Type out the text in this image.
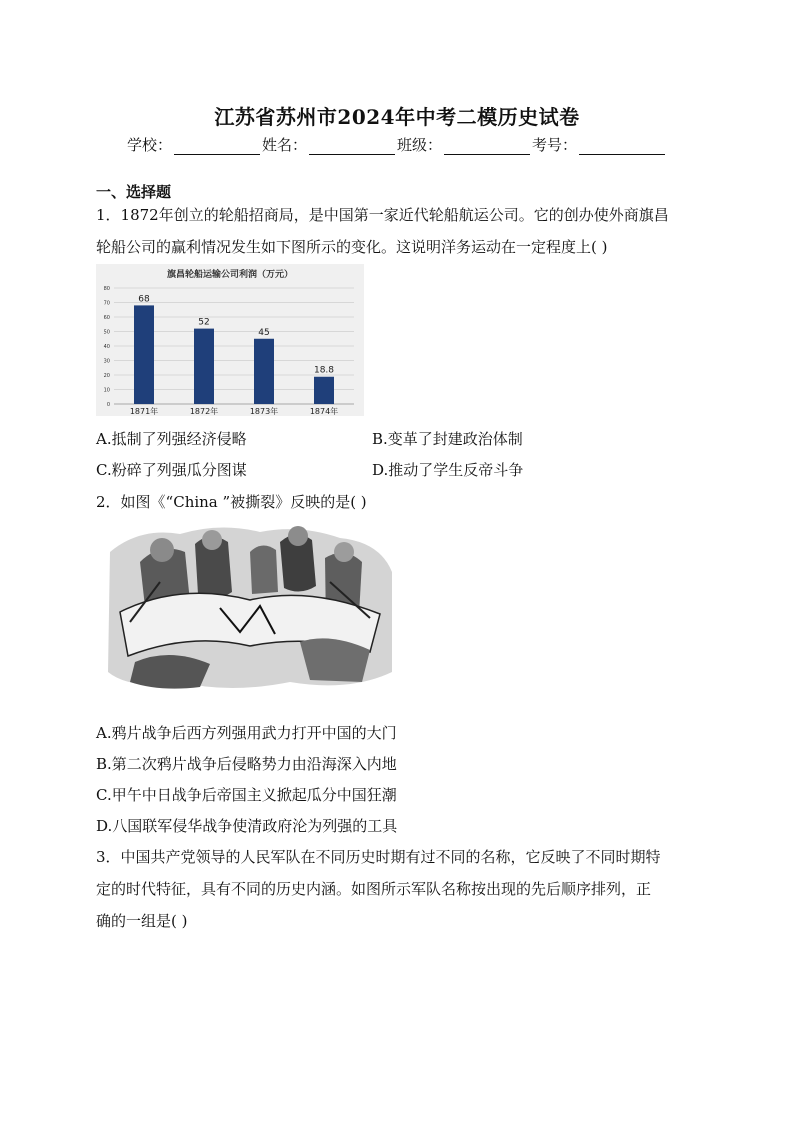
江苏省苏州市2024年中考二模历史试卷
学校：	姓名：	班级：	考号：
一、选择题
1．1872年创立的轮船招商局，是中国第一家近代轮船航运公司。它的创办使外商旗昌
轮船公司的赢利情况发生如下图所示的变化。这说明洋务运动在一定程度上( )
旗昌轮船运输公司利润（万元）
0
10
20
30
40
50
60
70
80
68
1871年
52
1872年
45
1873年
18.8
1874年
A.抵制了列强经济侵略	B.变革了封建政治体制
C.粉碎了列强瓜分图谋	D.推动了学生反帝斗争
2．如图《“China ”被撕裂》反映的是( )
A.鸦片战争后西方列强用武力打开中国的大门
B.第二次鸦片战争后侵略势力由沿海深入内地
C.甲午中日战争后帝国主义掀起瓜分中国狂潮
D.八国联军侵华战争使清政府沦为列强的工具
3．中国共产党领导的人民军队在不同历史时期有过不同的名称，它反映了不同时期特
定的时代特征，具有不同的历史内涵。如图所示军队名称按出现的先后顺序排列，正
确的一组是( )
